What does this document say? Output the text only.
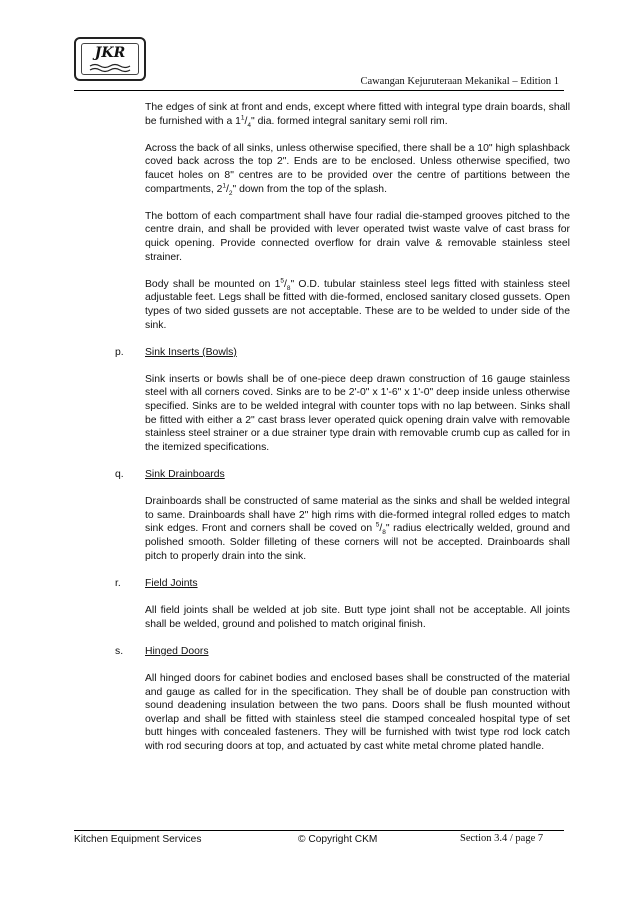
JKR
Cawangan Kejuruteraan Mekanikal – Edition 1

The edges of sink at front and ends, except where fitted with integral type drain boards, shall be furnished with a $1^1/_4$" dia. formed integral sanitary semi roll rim.

Across the back of all sinks, unless otherwise specified, there shall be a 10" high splashback coved back across the top 2". Ends are to be enclosed. Unless otherwise specified, two faucet holes on 8" centres are to be provided over the centre of partitions between the compartments, $2^1/_2$" down from the top of the splash.

The bottom of each compartment shall have four radial die-stamped grooves pitched to the centre drain, and shall be provided with lever operated twist waste valve of cast brass for quick opening. Provide connected overflow for drain valve & removable stainless steel strainer.

Body shall be mounted on $1^5/_8$" O.D. tubular stainless steel legs fitted with stainless steel adjustable feet. Legs shall be fitted with die-formed, enclosed sanitary closed gussets. Open types of two sided gussets are not acceptable. These are to be welded to under side of the sink.

p. Sink Inserts (Bowls)

Sink inserts or bowls shall be of one-piece deep drawn construction of 16 gauge stainless steel with all corners coved. Sinks are to be 2'-0" x 1'-6" x 1'-0" deep inside unless otherwise specified. Sinks are to be welded integral with counter tops with no lap between. Sinks shall be fitted with either a 2" cast brass lever operated quick opening drain valve with removable stainless steel strainer or a due strainer type drain with removable crumb cup as called for in the itemized specifications.

q. Sink Drainboards

Drainboards shall be constructed of same material as the sinks and shall be welded integral to same. Drainboards shall have 2" high rims with die-formed integral rolled edges to match sink edges. Front and corners shall be coved on $^5/_8$" radius electrically welded, ground and polished smooth. Solder filleting of these corners will not be accepted. Drainboards shall pitch to properly drain into the sink.

r. Field Joints

All field joints shall be welded at job site. Butt type joint shall not be acceptable. All joints shall be welded, ground and polished to match original finish.

s. Hinged Doors

All hinged doors for cabinet bodies and enclosed bases shall be constructed of the material and gauge as called for in the specification. They shall be of double pan construction with sound deadening insulation between the two pans. Doors shall be flush mounted without overlap and shall be fitted with stainless steel die stamped concealed hospital type of set butt hinges with concealed fasteners. They will be furnished with twist type rod lock catch with rod securing doors at top, and actuated by cast white metal chrome plated handle.

Kitchen Equipment Services	© Copyright CKM	Section 3.4 / page 7
